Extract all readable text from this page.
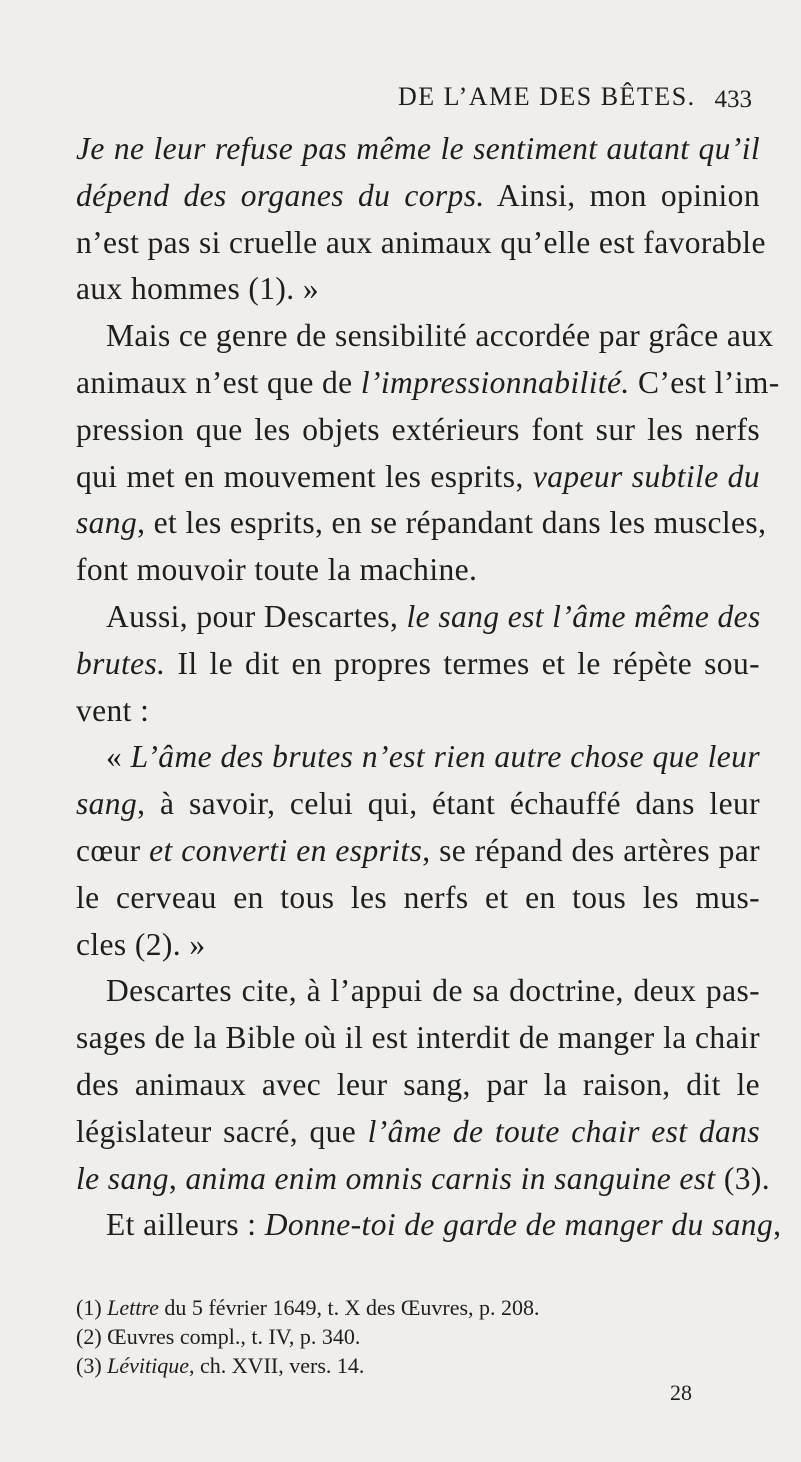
DE L’AME DES BÊTES. 433
Je ne leur refuse pas même le sentiment autant qu’il
dépend des organes du corps. Ainsi, mon opinion
n’est pas si cruelle aux animaux qu’elle est favorable
aux hommes (1). »
Mais ce genre de sensibilité accordée par grâce aux
animaux n’est que de l’impressionnabilité. C’est l’im-
pression que les objets extérieurs font sur les nerfs
qui met en mouvement les esprits, vapeur subtile du
sang, et les esprits, en se répandant dans les muscles,
font mouvoir toute la machine.
Aussi, pour Descartes, le sang est l’âme même des
brutes. Il le dit en propres termes et le répète sou-
vent :
« L’âme des brutes n’est rien autre chose que leur
sang, à savoir, celui qui, étant échauffé dans leur
cœur et converti en esprits, se répand des artères par
le cerveau en tous les nerfs et en tous les mus-
cles (2). »
Descartes cite, à l’appui de sa doctrine, deux pas-
sages de la Bible où il est interdit de manger la chair
des animaux avec leur sang, par la raison, dit le
législateur sacré, que l’âme de toute chair est dans
le sang, anima enim omnis carnis in sanguine est (3).
Et ailleurs : Donne-toi de garde de manger du sang,
(1) Lettre du 5 février 1649, t. X des Œuvres, p. 208.
(2) Œuvres compl., t. IV, p. 340.
(3) Lévitique, ch. XVII, vers. 14.
28
